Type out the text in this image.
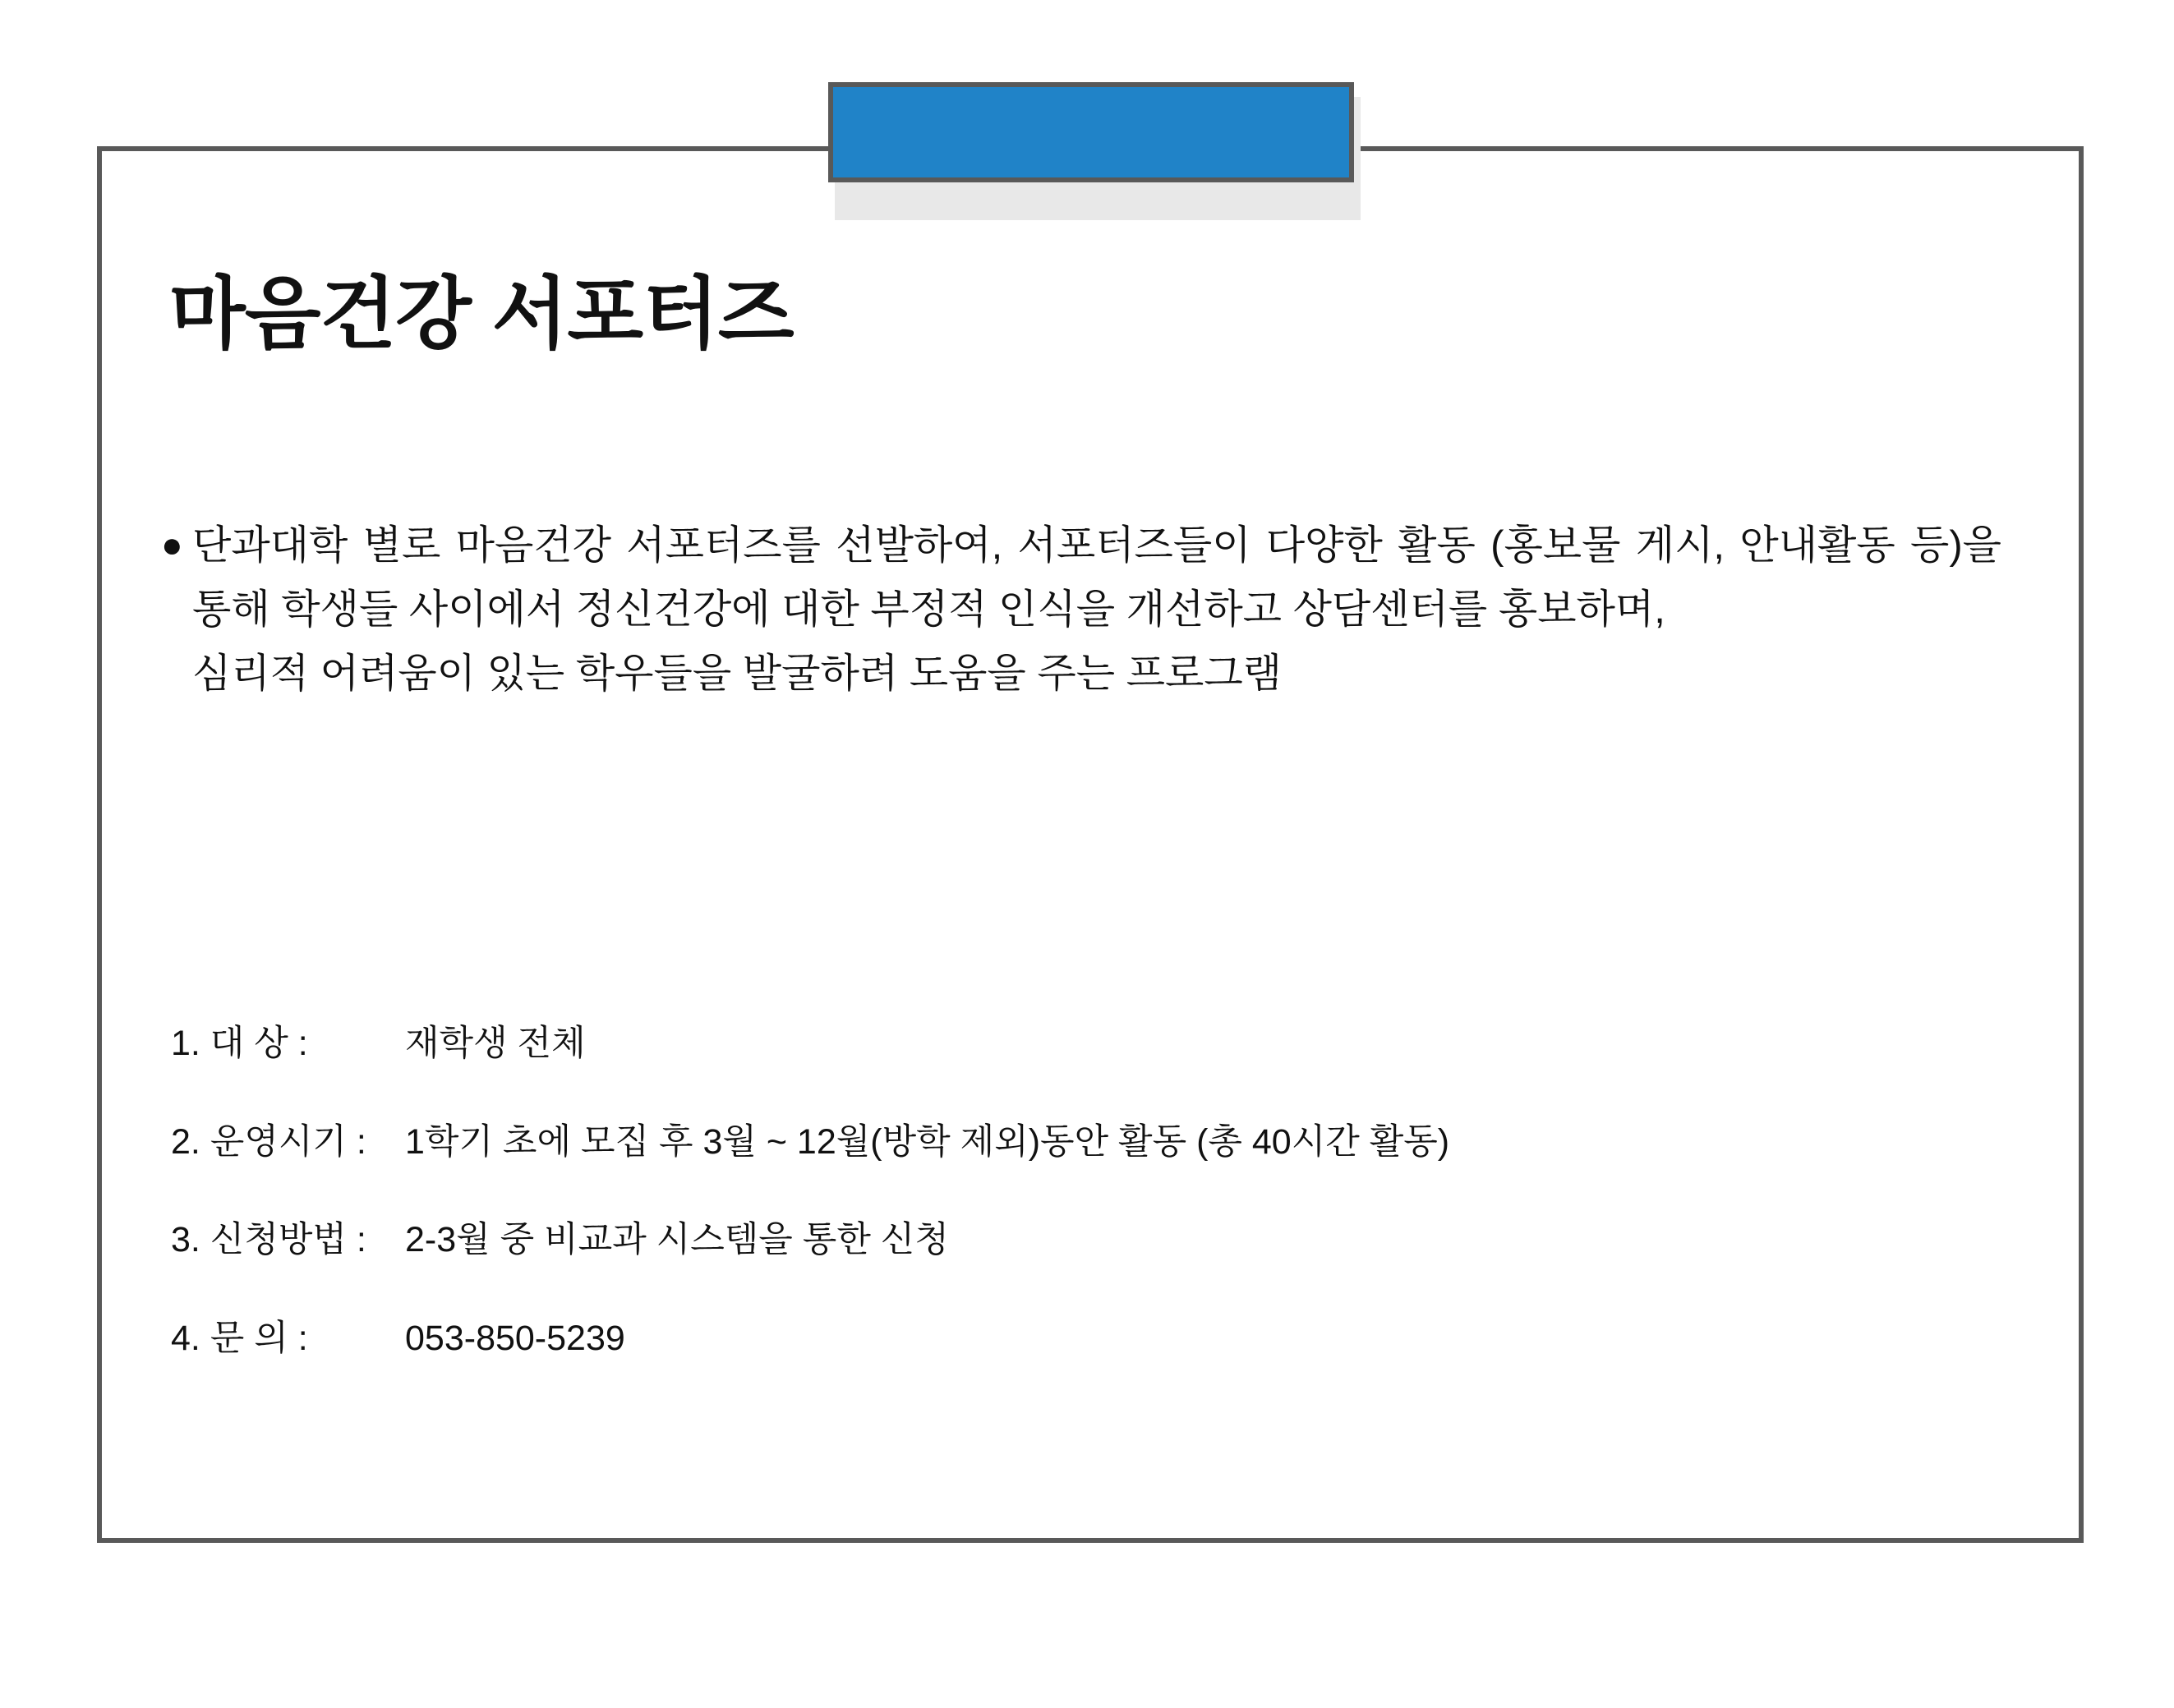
마음건강 서포터즈
● 단과대학 별로 마음건강 서포터즈를 선발하여, 서포터즈들이 다양한 활동 (홍보물 게시, 안내활동 등)을 통해 학생들 사이에서 정신건강에 대한 부정적 인식을 개선하고 상담센터를 홍보하며,
심리적 어려움이 있는 학우들을 발굴하려 도움을 주는 프로그램
1. 대 상 :	재학생 전체
2. 운영시기 :	1학기 초에 모집 후 3월 ~ 12월(방학 제외)동안 활동 (총 40시간 활동)
3. 신청방법 :	2-3월 중 비교과 시스템을 통한 신청
4. 문 의 :	053-850-5239
